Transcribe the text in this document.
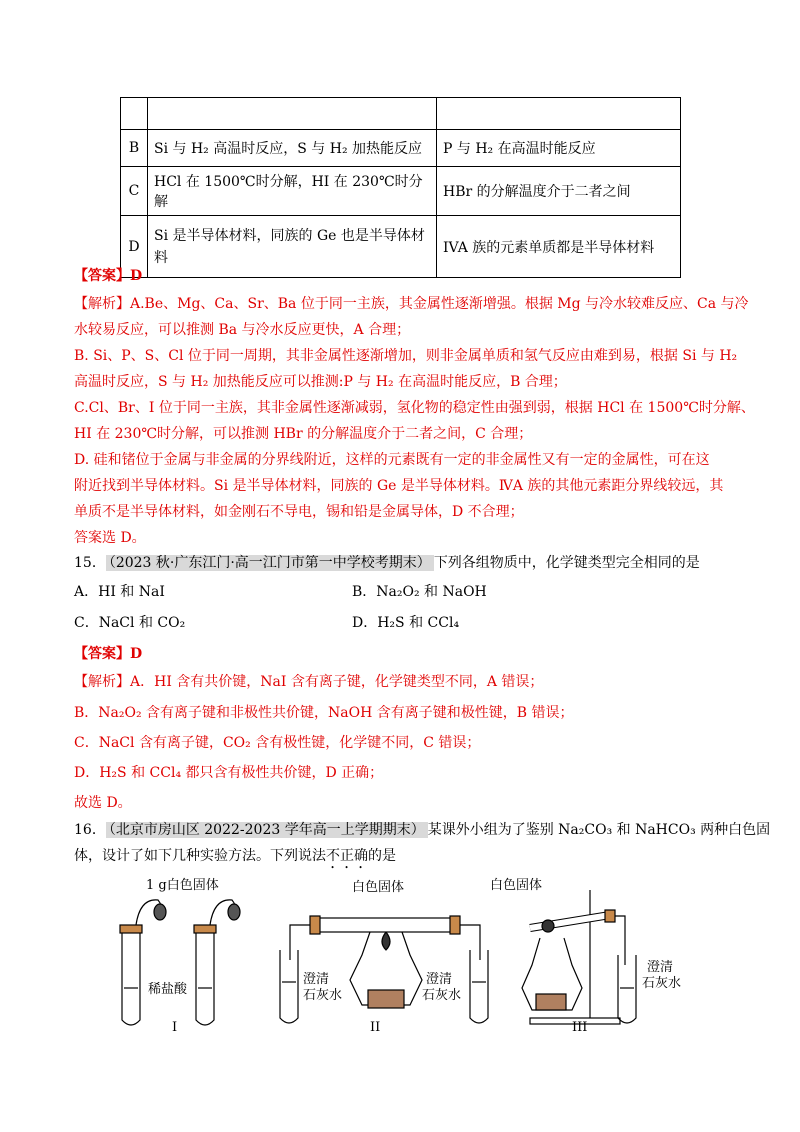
B	Si 与 H₂ 高温时反应，S 与 H₂ 加热能反应	P 与 H₂ 在高温时能反应
C	HCl 在 1500℃时分解，HI 在 230℃时分解	HBr 的分解温度介于二者之间
D	Si 是半导体材料，同族的 Ge 也是半导体材料	IVA 族的元素单质都是半导体材料
【答案】D
【解析】A.Be、Mg、Ca、Sr、Ba 位于同一主族，其金属性逐渐增强。根据 Mg 与冷水较难反应、Ca 与冷
水较易反应，可以推测 Ba 与冷水反应更快，A 合理；
B. Si、P、S、Cl 位于同一周期，其非金属性逐渐增加，则非金属单质和氢气反应由难到易，根据 Si 与 H₂
高温时反应，S 与 H₂ 加热能反应可以推测:P 与 H₂ 在高温时能反应，B 合理；
C.Cl、Br、I 位于同一主族，其非金属性逐渐减弱，氢化物的稳定性由强到弱，根据 HCl 在 1500℃时分解、
HI 在 230℃时分解，可以推测 HBr 的分解温度介于二者之间，C 合理；
D. 硅和锗位于金属与非金属的分界线附近，这样的元素既有一定的非金属性又有一定的金属性，可在这
附近找到半导体材料。Si 是半导体材料，同族的 Ge 是半导体材料。ⅣA 族的其他元素距分界线较远，其
单质不是半导体材料，如金刚石不导电，锡和铅是金属导体，D 不合理；
答案选 D。
15． （2023 秋·广东江门·高一江门市第一中学校考期末） 下列各组物质中，化学键类型完全相同的是
A．HI 和 NaI	B．Na₂O₂ 和 NaOH
C．NaCl 和 CO₂	D．H₂S 和 CCl₄
【答案】D
【解析】A．HI 含有共价键，NaI 含有离子键，化学键类型不同，A 错误；
B．Na₂O₂ 含有离子键和非极性共价键，NaOH 含有离子键和极性键，B 错误；
C．NaCl 含有离子键，CO₂ 含有极性键，化学键不同，C 错误；
D．H₂S 和 CCl₄ 都只含有极性共价键，D 正确；
故选 D。
16． （北京市房山区 2022-2023 学年高一上学期期末） 某课外小组为了鉴别 Na₂CO₃ 和 NaHCO₃ 两种白色固
体，设计了如下几种实验方法。下列说法不正确的是
1 g白色固体
稀盐酸
白色固体
澄清
石灰水
澄清
石灰水
白色固体
澄清
石灰水
I	II	III
